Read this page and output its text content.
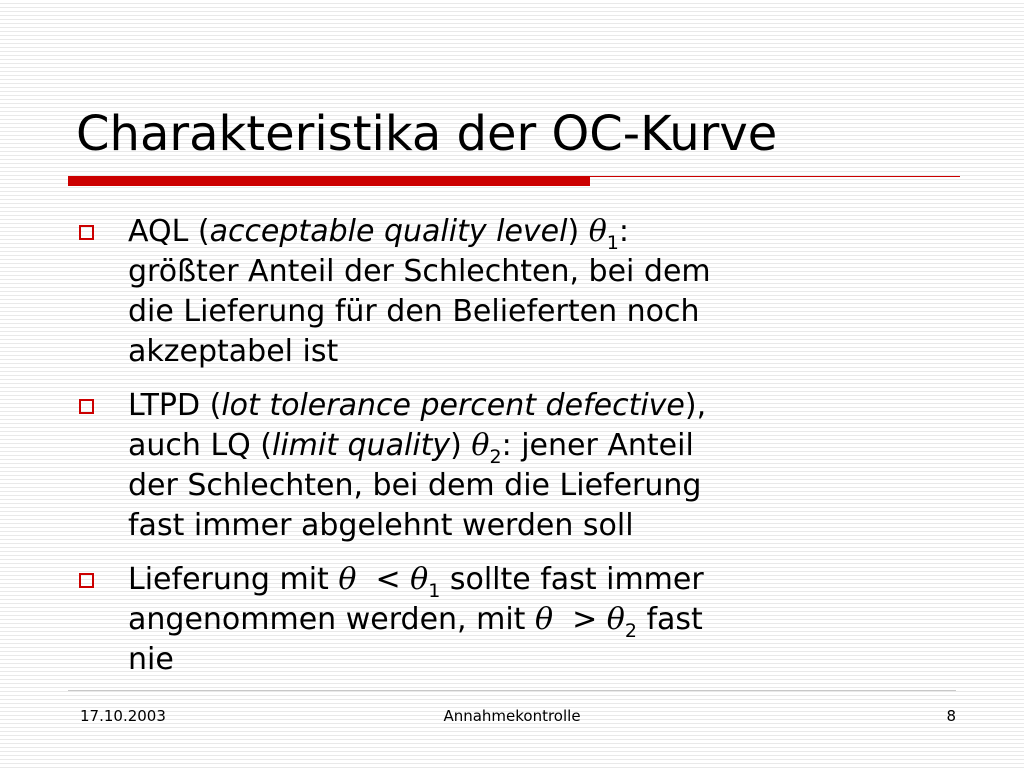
Charakteristika der OC-Kurve
AQL (acceptable quality level) $\theta_1$:
größter Anteil der Schlechten, bei dem
die Lieferung für den Belieferten noch
akzeptabel ist
LTPD (lot tolerance percent defective),
auch LQ (limit quality) $\theta_2$: jener Anteil
der Schlechten, bei dem die Lieferung
fast immer abgelehnt werden soll
Lieferung mit $\theta < \theta_1$ sollte fast immer
angenommen werden, mit $\theta > \theta_2$ fast
nie
17.10.2003	Annahmekontrolle	8
